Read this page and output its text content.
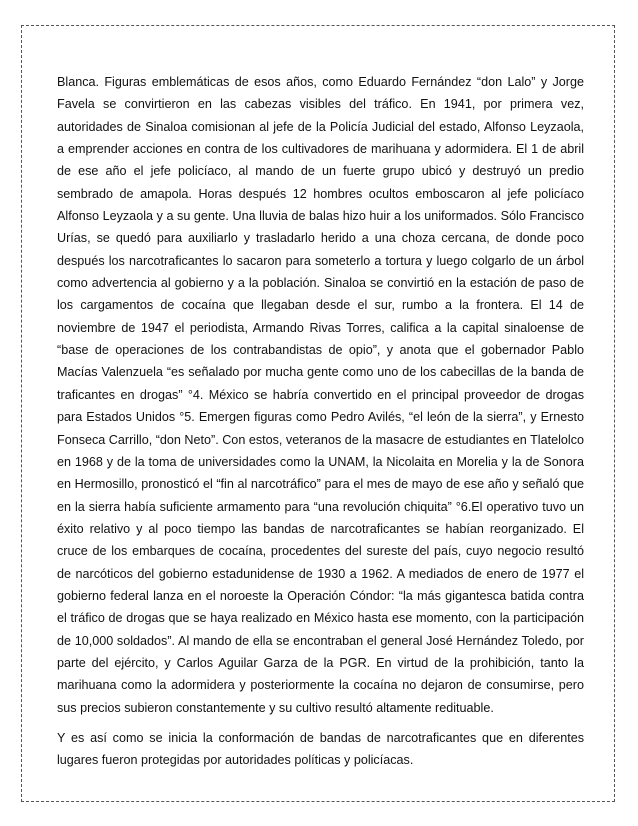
Blanca. Figuras emblemáticas de esos años, como Eduardo Fernández “don Lalo” y Jorge Favela se convirtieron en las cabezas visibles del tráfico. En 1941, por primera vez, autoridades de Sinaloa comisionan al jefe de la Policía Judicial del estado, Alfonso Leyzaola, a emprender acciones en contra de los cultivadores de marihuana y adormidera. El 1 de abril de ese año el jefe policíaco, al mando de un fuerte grupo ubicó y destruyó un predio sembrado de amapola. Horas después 12 hombres ocultos emboscaron al jefe policíaco Alfonso Leyzaola y a su gente. Una lluvia de balas hizo huir a los uniformados. Sólo Francisco Urías, se quedó para auxiliarlo y trasladarlo herido a una choza cercana, de donde poco después los narcotraficantes lo sacaron para someterlo a tortura y luego colgarlo de un árbol como advertencia al gobierno y a la población. Sinaloa se convirtió en la estación de paso de los cargamentos de cocaína que llegaban desde el sur, rumbo a la frontera. El 14 de noviembre de 1947 el periodista, Armando Rivas Torres, califica a la capital sinaloense de “base de operaciones de los contrabandistas de opio”, y anota que el gobernador Pablo Macías Valenzuela “es señalado por mucha gente como uno de los cabecillas de la banda de traficantes en drogas” °4. México se habría convertido en el principal proveedor de drogas para Estados Unidos °5. Emergen figuras como Pedro Avilés, “el león de la sierra”, y Ernesto Fonseca Carrillo, “don Neto”. Con estos, veteranos de la masacre de estudiantes en Tlatelolco en 1968 y de la toma de universidades como la UNAM, la Nicolaita en Morelia y la de Sonora en Hermosillo, pronosticó el “fin al narcotráfico” para el mes de mayo de ese año y señaló que en la sierra había suficiente armamento para “una revolución chiquita” °6.El operativo tuvo un éxito relativo y al poco tiempo las bandas de narcotraficantes se habían reorganizado. El cruce de los embarques de cocaína, procedentes del sureste del país, cuyo negocio resultó de narcóticos del gobierno estadunidense de 1930 a 1962. A mediados de enero de 1977 el gobierno federal lanza en el noroeste la Operación Cóndor: “la más gigantesca batida contra el tráfico de drogas que se haya realizado en México hasta ese momento, con la participación de 10,000 soldados”. Al mando de ella se encontraban el general José Hernández Toledo, por parte del ejército, y Carlos Aguilar Garza de la PGR. En virtud de la prohibición, tanto la marihuana como la adormidera y posteriormente la cocaína no dejaron de consumirse, pero sus precios subieron constantemente y su cultivo resultó altamente redituable.

Y es así como se inicia la conformación de bandas de narcotraficantes que en diferentes lugares fueron protegidas por autoridades políticas y policíacas.
